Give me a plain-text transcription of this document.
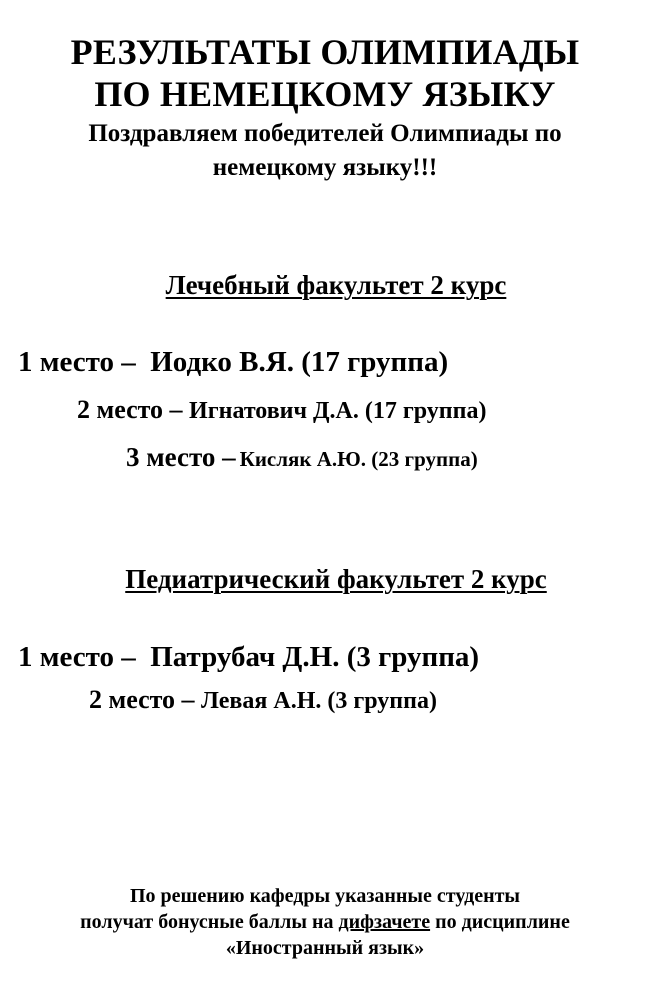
РЕЗУЛЬТАТЫ ОЛИМПИАДЫ
ПО НЕМЕЦКОМУ ЯЗЫКУ
Поздравляем победителей Олимпиады по
немецкому языку!!!
Лечебный факультет 2 курс
1 место – Иодко В.Я. (17 группа)
2 место – Игнатович Д.А. (17 группа)
3 место – Кисляк А.Ю. (23 группа)
Педиатрический факультет 2 курс
1 место – Патрубач Д.Н. (3 группа)
2 место – Левая А.Н. (3 группа)
По решению кафедры указанные студенты
получат бонусные баллы на дифзачете по дисциплине
«Иностранный язык»
